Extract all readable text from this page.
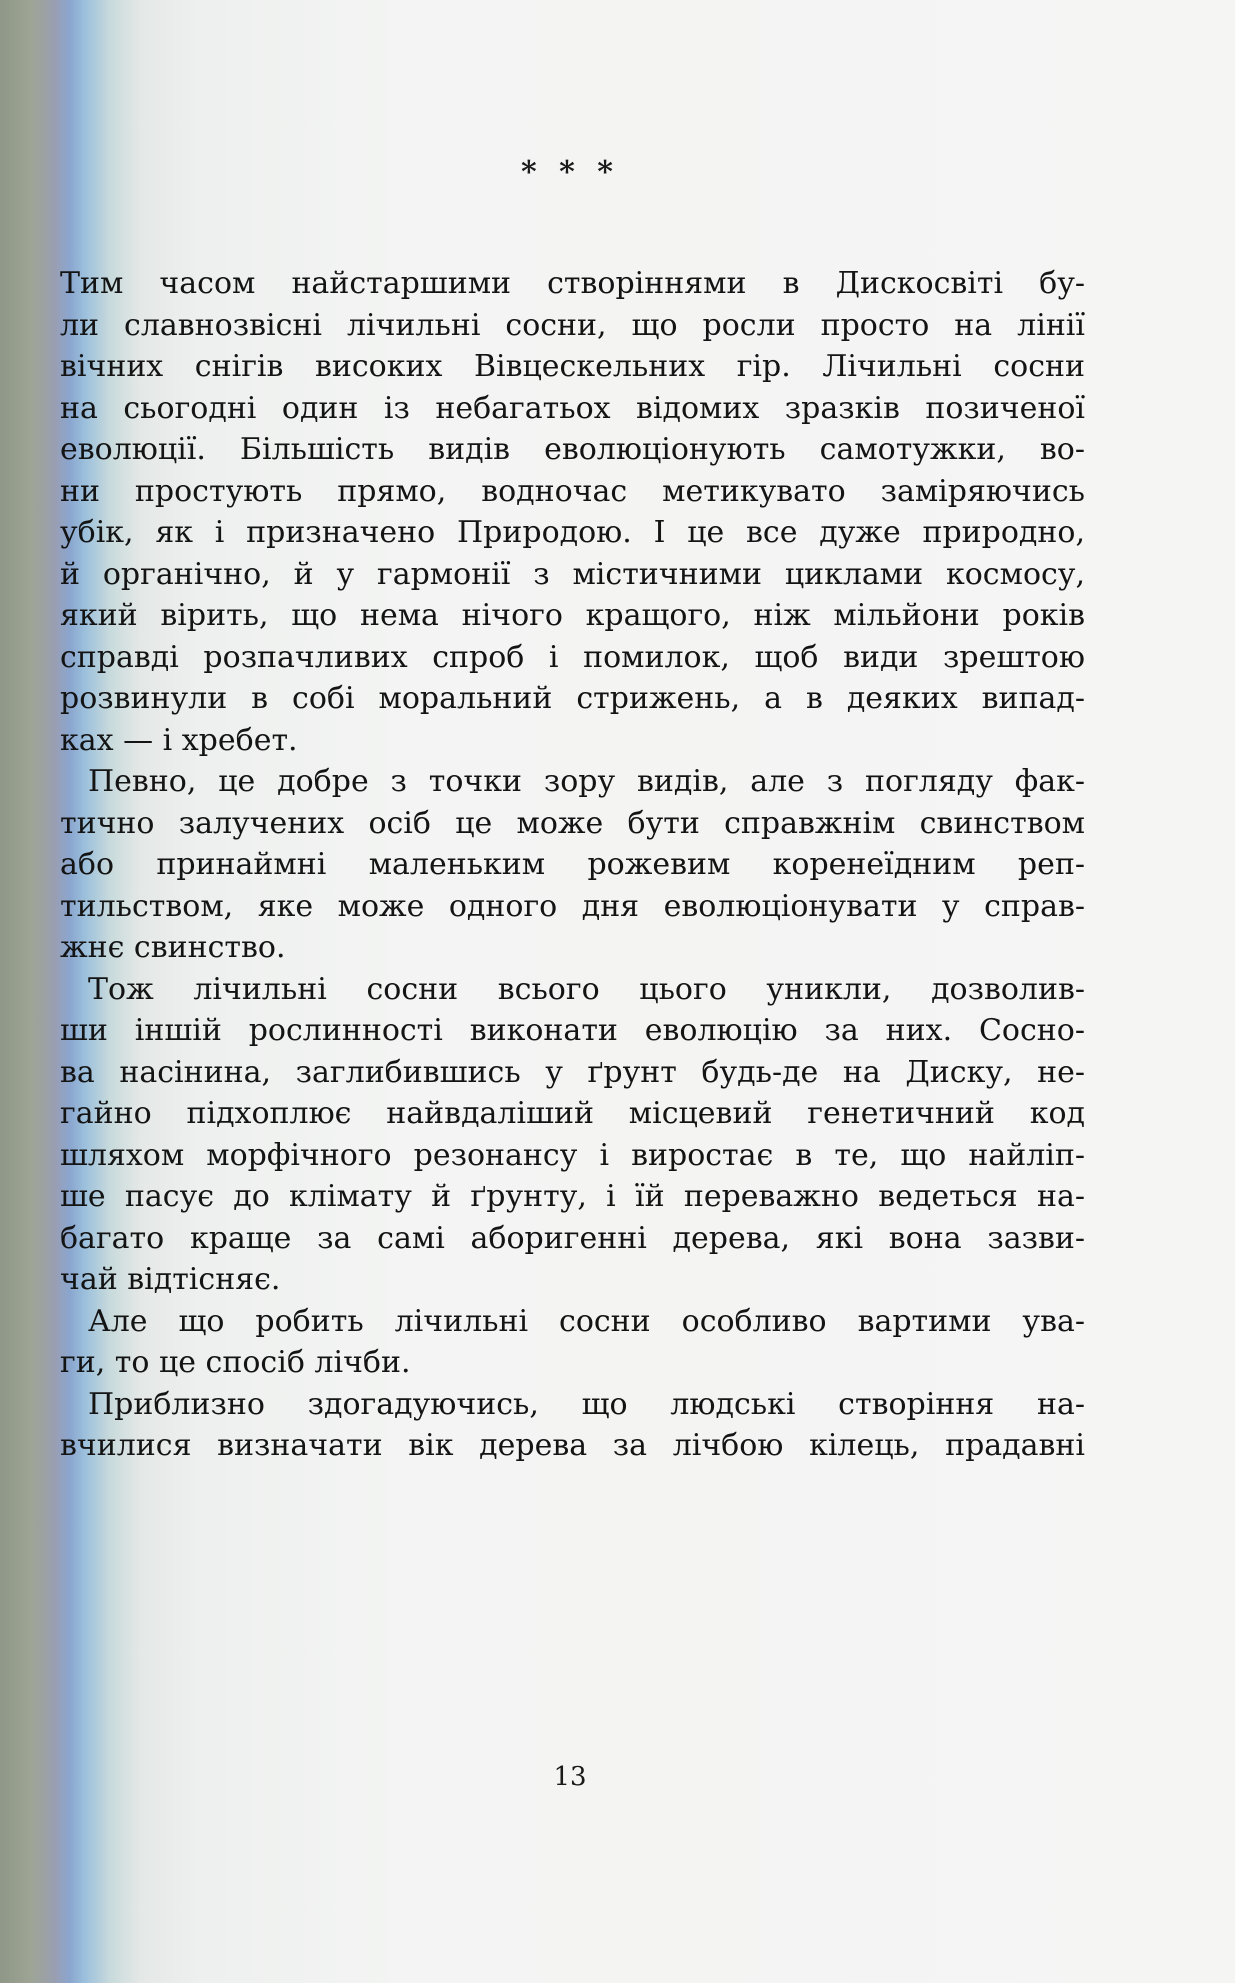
* * *
Тим часом найстаршими створіннями в Дискосвіті бу-
ли славнозвісні лічильні сосни, що росли просто на лінії
вічних снігів високих Вівцескельних гір. Лічильні сосни
на сьогодні один із небагатьох відомих зразків позиченої
еволюції. Більшість видів еволюціонують самотужки, во-
ни простують прямо, водночас метикувато заміряючись
убік, як і призначено Природою. І це все дуже природно,
й органічно, й у гармонії з містичними циклами космосу,
який вірить, що нема нічого кращого, ніж мільйони років
справді розпачливих спроб і помилок, щоб види зрештою
розвинули в собі моральний стрижень, а в деяких випад-
ках — і хребет.
Певно, це добре з точки зору видів, але з погляду фак-
тично залучених осіб це може бути справжнім свинством
або принаймні маленьким рожевим коренеїдним реп-
тильством, яке може одного дня еволюціонувати у справ-
жнє свинство.
Тож лічильні сосни всього цього уникли, дозволив-
ши іншій рослинності виконати еволюцію за них. Сосно-
ва насінина, заглибившись у ґрунт будь-де на Диску, не-
гайно підхоплює найвдаліший місцевий генетичний код
шляхом морфічного резонансу і виростає в те, що найліп-
ше пасує до клімату й ґрунту, і їй переважно ведеться на-
багато краще за самі аборигенні дерева, які вона зазви-
чай відтісняє.
Але що робить лічильні сосни особливо вартими ува-
ги, то це спосіб лічби.
Приблизно здогадуючись, що людські створіння на-
вчилися визначати вік дерева за лічбою кілець, прадавні
13
